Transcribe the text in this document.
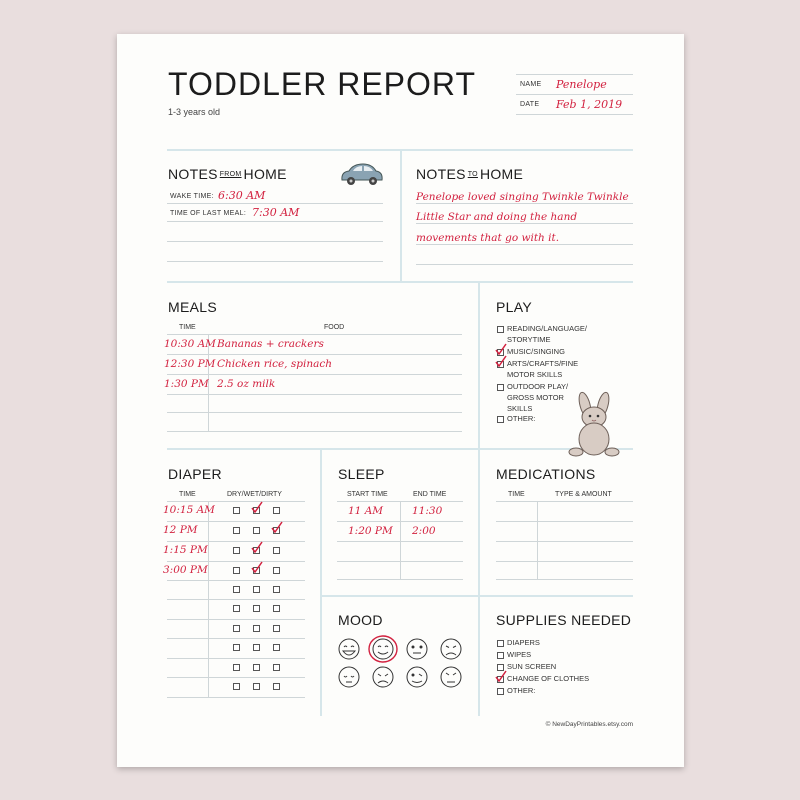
TODDLER REPORT
1-3 years old
NAME Penelope
DATE Feb 1, 2019
NOTES $^{FROM}$ HOME
WAKE TIME: 6:30 AM
TIME OF LAST MEAL: 7:30 AM
NOTES $^{TO}$ HOME
Penelope loved singing Twinkle Twinkle
Little Star and doing the hand
movements that go with it.
MEALS
TIME	FOOD
10:30 AM Bananas + crackers
12:30 PM Chicken rice, spinach
1:30 PM 2.5 oz milk
PLAY
READING/LANGUAGE/
STORYTIME
MUSIC/SINGING
ARTS/CRAFTS/FINE
MOTOR SKILLS
OUTDOOR PLAY/
GROSS MOTOR
SKILLS
OTHER:
DIAPER
TIME	DRY/WET/DIRTY
10:15 AM
12 PM
1:15 PM
3:00 PM
SLEEP
START TIME	END TIME
11 AM	11:30
1:20 PM 2:00
MEDICATIONS
TIME	TYPE & AMOUNT
MOOD	SUPPLIES NEEDED
DIAPERS
WIPES
SUN SCREEN
CHANGE OF CLOTHES
OTHER:
© NewDayPrintables.etsy.com
